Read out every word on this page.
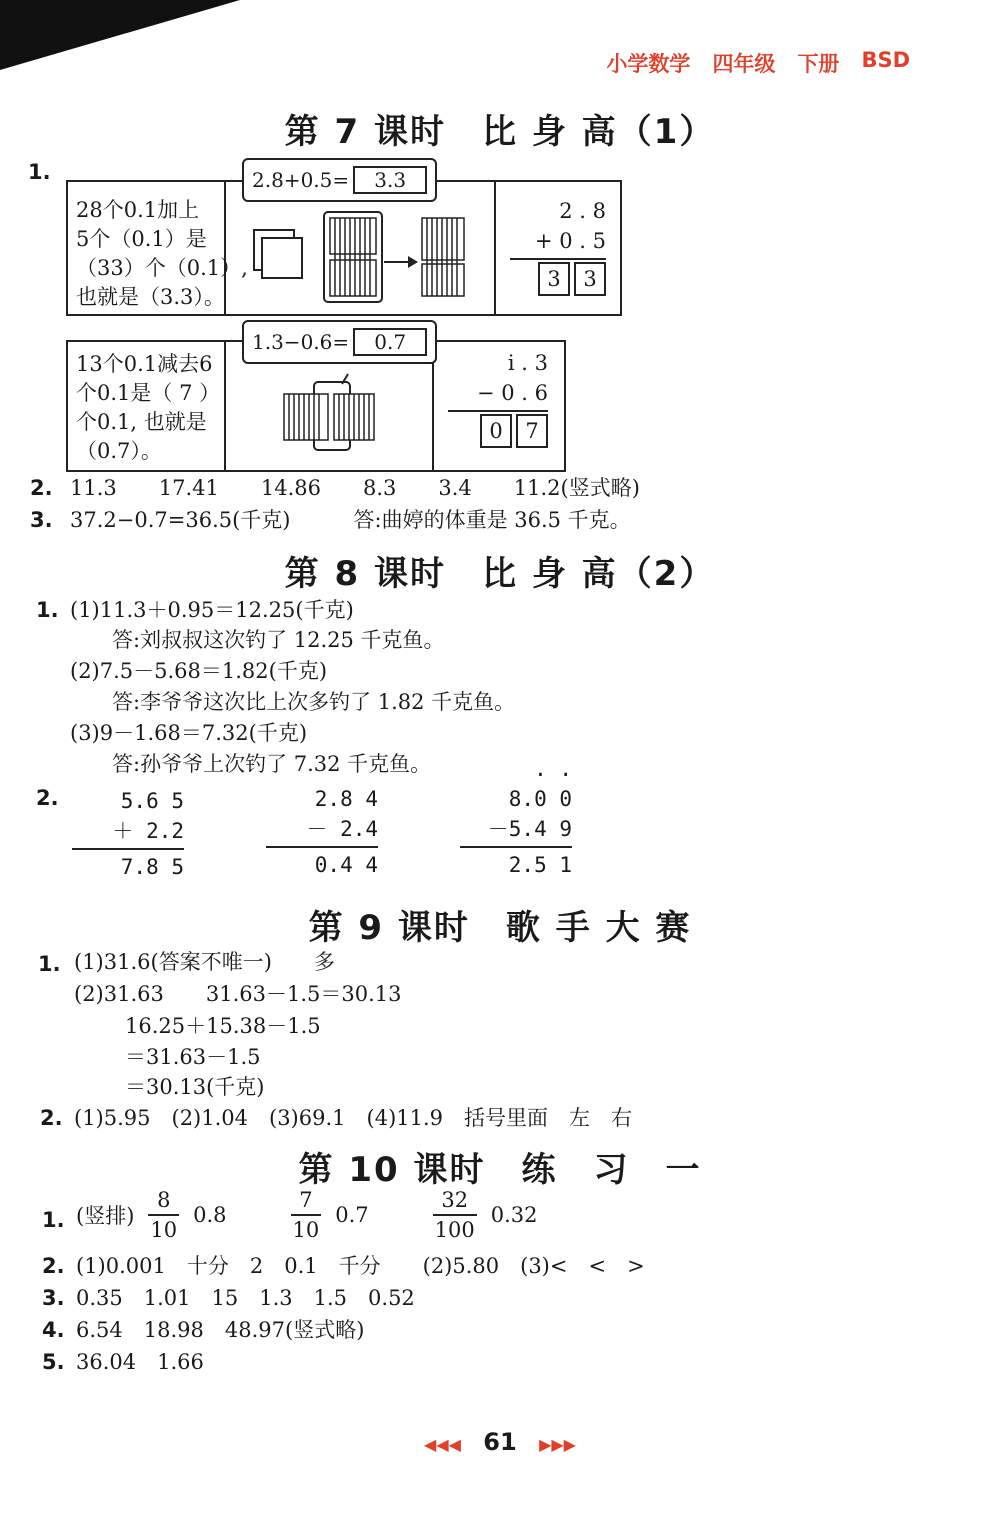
小学数学 四年级 下册 BSD
第 7 课时　比 身 高（1）
1.
28个0.1加上
5个（0.1）是
（33）个（0.1）,
也就是（3.3）。
2 . 8
+ 0 . 5
3 3
2.8+0.5=	3.3
13个0.1减去6
个0.1是（ 7 ）
个0.1, 也就是
（0.7）。
i . 3
− 0 . 6
0 7
1.3−0.6=	0.7
2. 11.3　　17.41　　14.86　　8.3　　3.4　　11.2(竖式略)
3. 37.2−0.7=36.5(千克)　　　答:曲婷的体重是 36.5 千克。
第 8 课时　比 身 高（2）
1. (1)11.3＋0.95＝12.25(千克)
　　答:刘叔叔这次钓了 12.25 千克鱼。
(2)7.5－5.68＝1.82(千克)
　　答:李爷爷这次比上次多钓了 1.82 千克鱼。
(3)9－1.68＝7.32(千克)
　　答:孙爷爷上次钓了 7.32 千克鱼。
2.	5.6 5
＋ 2.2
7.8 5
2.8 4
－ 2.4
0.4 4
· ·
8.0 0
－5.4 9
2.5 1
第 9 课时　歌 手 大 赛
1. (1)31.6(答案不唯一)　　多
(2)31.63　　31.63－1.5＝30.13
　16.25＋15.38－1.5
　＝31.63－1.5
　＝30.13(千克)
2. (1)5.95　(2)1.04　(3)69.1　(4)11.9　括号里面　左　右
第 10 课时　练　习　一
1. (竖排) $\frac{8}{10} 0.8$	$\frac{7}{10} 0.7$	$\frac{32}{100} 0.32$
2. (1)0.001　十分　2　0.1　千分　　(2)5.80　(3)<　<　>
3. 0.35　1.01　15　1.3　1.5　0.52
4. 6.54　18.98　48.97(竖式略)
5. 36.04　1.66
◀◀◀ 61 ▶▶▶
